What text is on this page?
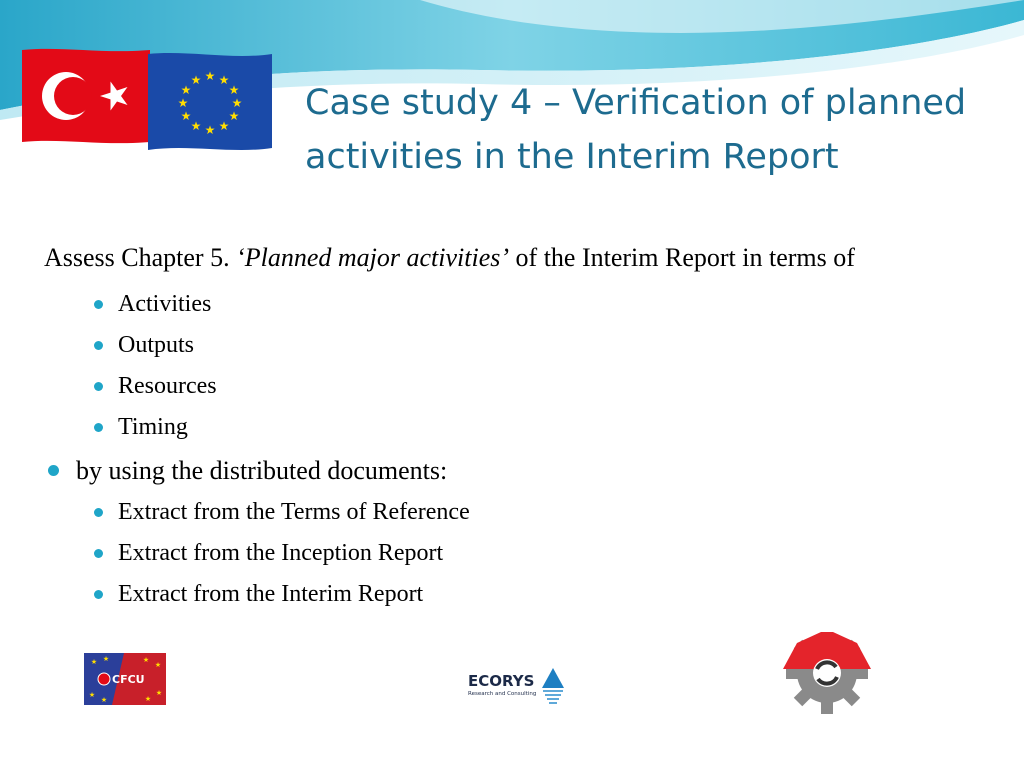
★ ★
★
★
★
★
★
★
★
★
★
★
Case study 4 – Verification of planned activities in the Interim Report

Assess Chapter 5. ‘Planned major activities’ of the Interim Report in terms of

Activities
Outputs
Resources
Timing
by using the distributed documents:
Extract from the Terms of Reference
Extract from the Inception Report
Extract from the Interim Report
★ ★	★
★
★
★	★
★
CFCU	ECORYS
Research and Consulting
